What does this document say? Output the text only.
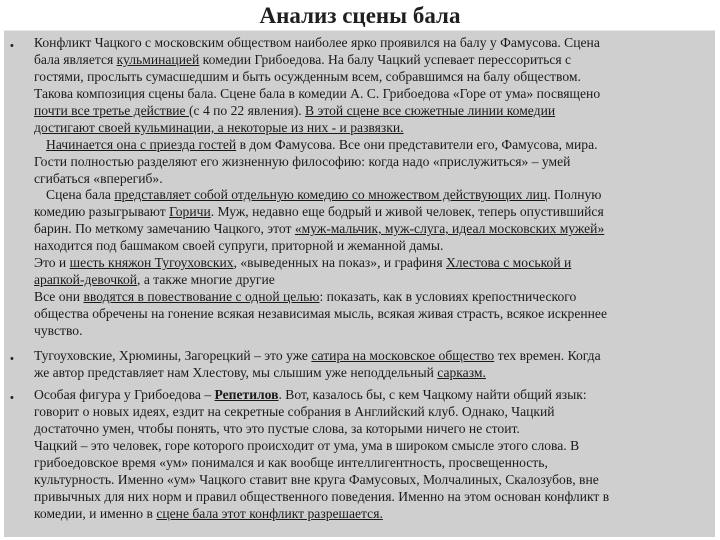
Анализ сцены бала
• Конфликт Чацкого с московским обществом наиболее ярко проявился на балу у Фамусова. Сцена
бала является кульминацией комедии Грибоедова. На балу Чацкий успевает перессориться с
гостями, прослыть сумасшедшим и быть осужденным всем, собравшимся на балу обществом.
Такова композиция сцены бала. Сцене бала в комедии А. С. Грибоедова «Горе от ума» посвящено
почти все третье действие (с 4 по 22 явления). В этой сцене все сюжетные линии комедии
достигают своей кульминации, а некоторые из них - и развязки.
Начинается она с приезда гостей в дом Фамусова. Все они представители его, Фамусова, мира.
Гости полностью разделяют его жизненную философию: когда надо «прислужиться» – умей
сгибаться «вперегиб».
Сцена бала представляет собой отдельную комедию со множеством действующих лиц. Полную
комедию разыгрывают Горичи. Муж, недавно еще бодрый и живой человек, теперь опустившийся
барин. По меткому замечанию Чацкого, этот «муж-мальчик, муж-слуга, идеал московских мужей»
находится под башмаком своей супруги, приторной и жеманной дамы.
Это и шесть княжон Тугоуховских, «выведенных на показ», и графиня Хлестова с моськой и
арапкой-девочкой, а также многие другие
Все они вводятся в повествование с одной целью: показать, как в условиях крепостнического
общества обречены на гонение всякая независимая мысль, всякая живая страсть, всякое искреннее
чувство.
• Тугоуховские, Хрюмины, Загорецкий – это уже сатира на московское общество тех времен. Когда
же автор представляет нам Хлестову, мы слышим уже неподдельный сарказм.
• Особая фигура у Грибоедова – Репетилов. Вот, казалось бы, с кем Чацкому найти общий язык:
говорит о новых идеях, ездит на секретные собрания в Английский клуб. Однако, Чацкий
достаточно умен, чтобы понять, что это пустые слова, за которыми ничего не стоит.
Чацкий – это человек, горе которого происходит от ума, ума в широком смысле этого слова. В
грибоедовское время «ум» понимался и как вообще интеллигентность, просвещенность,
культурность. Именно «ум» Чацкого ставит вне круга Фамусовых, Молчалиных, Скалозубов, вне
привычных для них норм и правил общественного поведения. Именно на этом основан конфликт в
комедии, и именно в сцене бала этот конфликт разрешается.
